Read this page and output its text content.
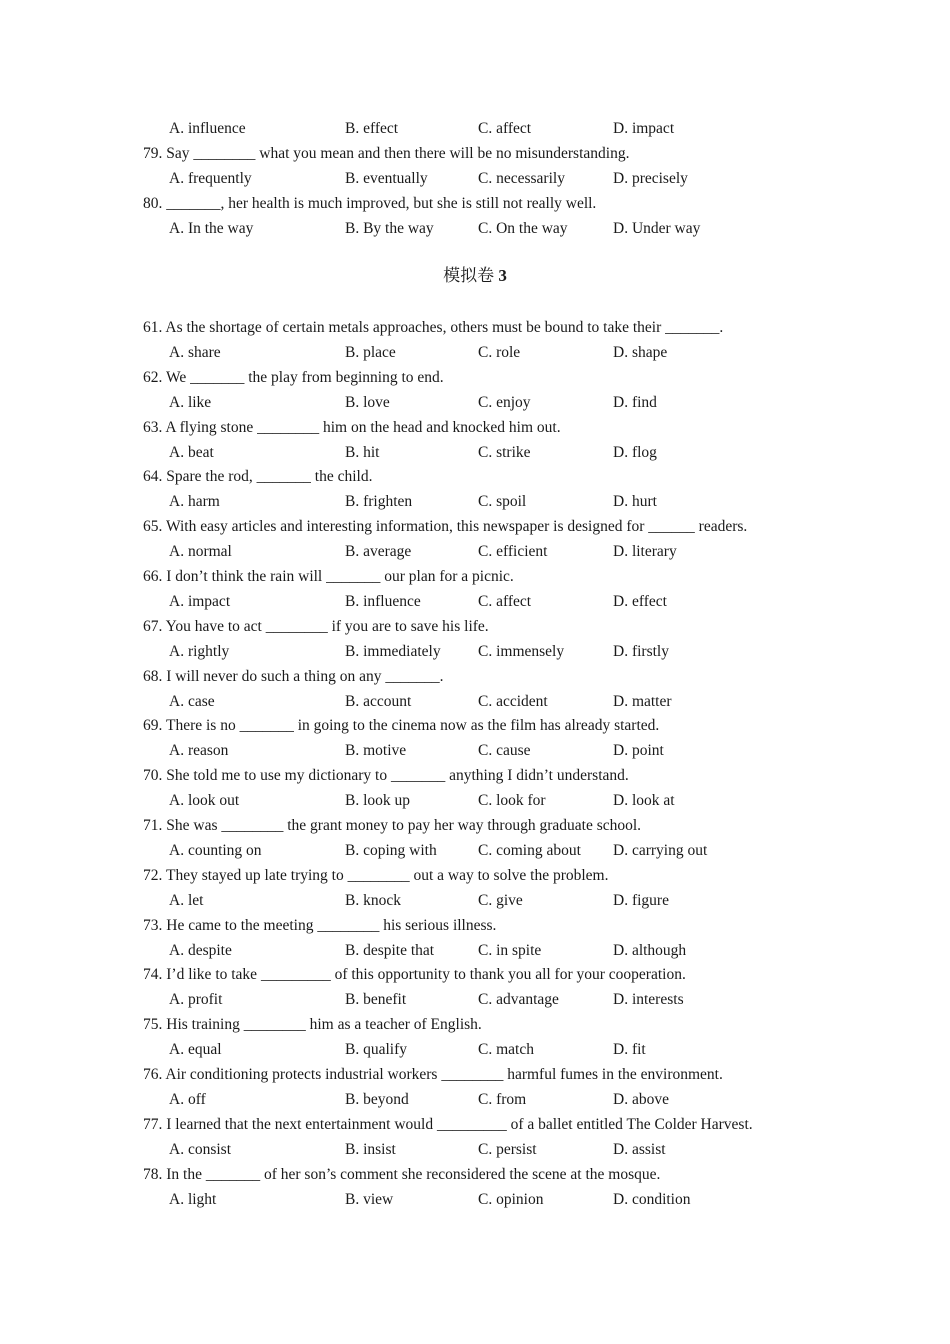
A. influence	B. effect	C. affect	D. impact
79. Say ________ what you mean and then there will be no misunderstanding.
A. frequently	B. eventually	C. necessarily	D. precisely
80. _______, her health is much improved, but she is still not really well.
A. In the way	B. By the way	C. On the way	D. Under way
61. As the shortage of certain metals approaches, others must be bound to take their _______.
A. share	B. place	C. role	D. shape
62. We _______ the play from beginning to end.
A. like	B. love	C. enjoy	D. find
63. A flying stone ________ him on the head and knocked him out.
A. beat	B. hit	C. strike	D. flog
64. Spare the rod, _______ the child.
A. harm	B. frighten	C. spoil	D. hurt
65. With easy articles and interesting information, this newspaper is designed for ______ readers.
A. normal	B. average	C. efficient	D. literary
66. I don’t think the rain will _______ our plan for a picnic.
A. impact	B. influence	C. affect	D. effect
67. You have to act ________ if you are to save his life.
A. rightly	B. immediately C. immensely	D. firstly
68. I will never do such a thing on any _______.
A. case	B. account	C. accident	D. matter
69. There is no _______ in going to the cinema now as the film has already started.
A. reason	B. motive	C. cause	D. point
70. She told me to use my dictionary to _______ anything I didn’t understand.
A. look out	B. look up	C. look for	D. look at
71. She was ________ the grant money to pay her way through graduate school.
A. counting on	B. coping with	C. coming about D. carrying out
72. They stayed up late trying to ________ out a way to solve the problem.
A. let	B. knock	C. give	D. figure
73. He came to the meeting ________ his serious illness.
A. despite	B. despite that	C. in spite	D. although
74. I’d like to take _________ of this opportunity to thank you all for your cooperation.
A. profit	B. benefit	C. advantage	D. interests
75. His training ________ him as a teacher of English.
A. equal	B. qualify	C. match	D. fit
76. Air conditioning protects industrial workers ________ harmful fumes in the environment.
A. off	B. beyond	C. from	D. above
77. I learned that the next entertainment would _________ of a ballet entitled The Colder Harvest.
A. consist	B. insist	C. persist	D. assist
78. In the _______ of her son’s comment she reconsidered the scene at the mosque.
A. light	B. view	C. opinion	D. condition
模拟卷 3
